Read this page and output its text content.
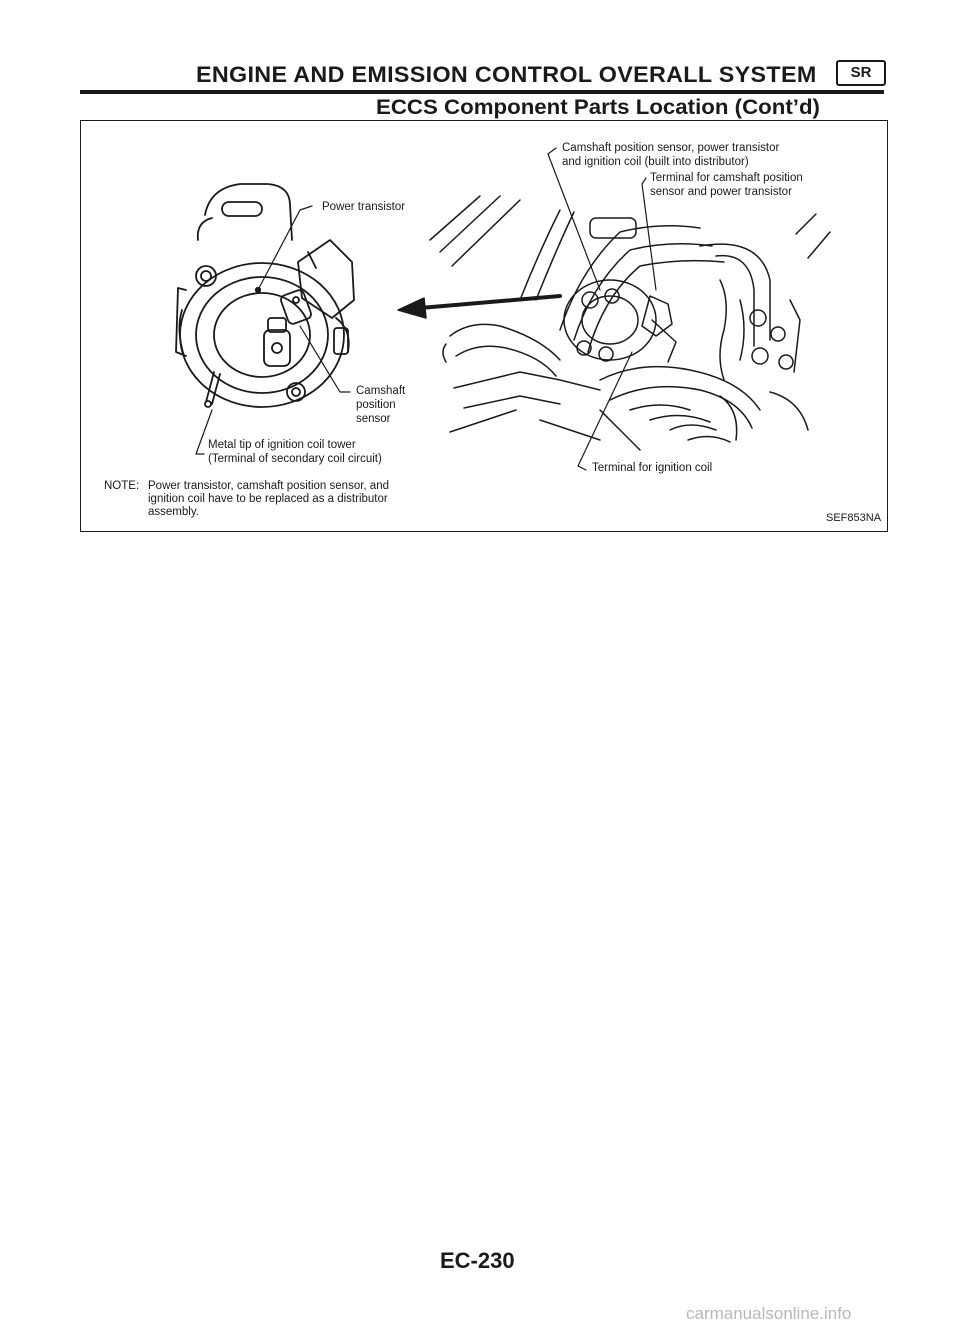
ENGINE AND EMISSION CONTROL OVERALL SYSTEM	SR
ECCS Component Parts Location (Cont’d)
Power transistor
Camshaft
position
sensor
Metal tip of ignition coil tower
(Terminal of secondary coil circuit)
Camshaft position sensor, power transistor
and ignition coil (built into distributor)
Terminal for camshaft position
sensor and power transistor
Terminal for ignition coil
NOTE: Power transistor, camshaft position sensor, and ignition coil have to be replaced as a distributor assembly.	SEF853NA
EC-230
carmanualsonline.info
